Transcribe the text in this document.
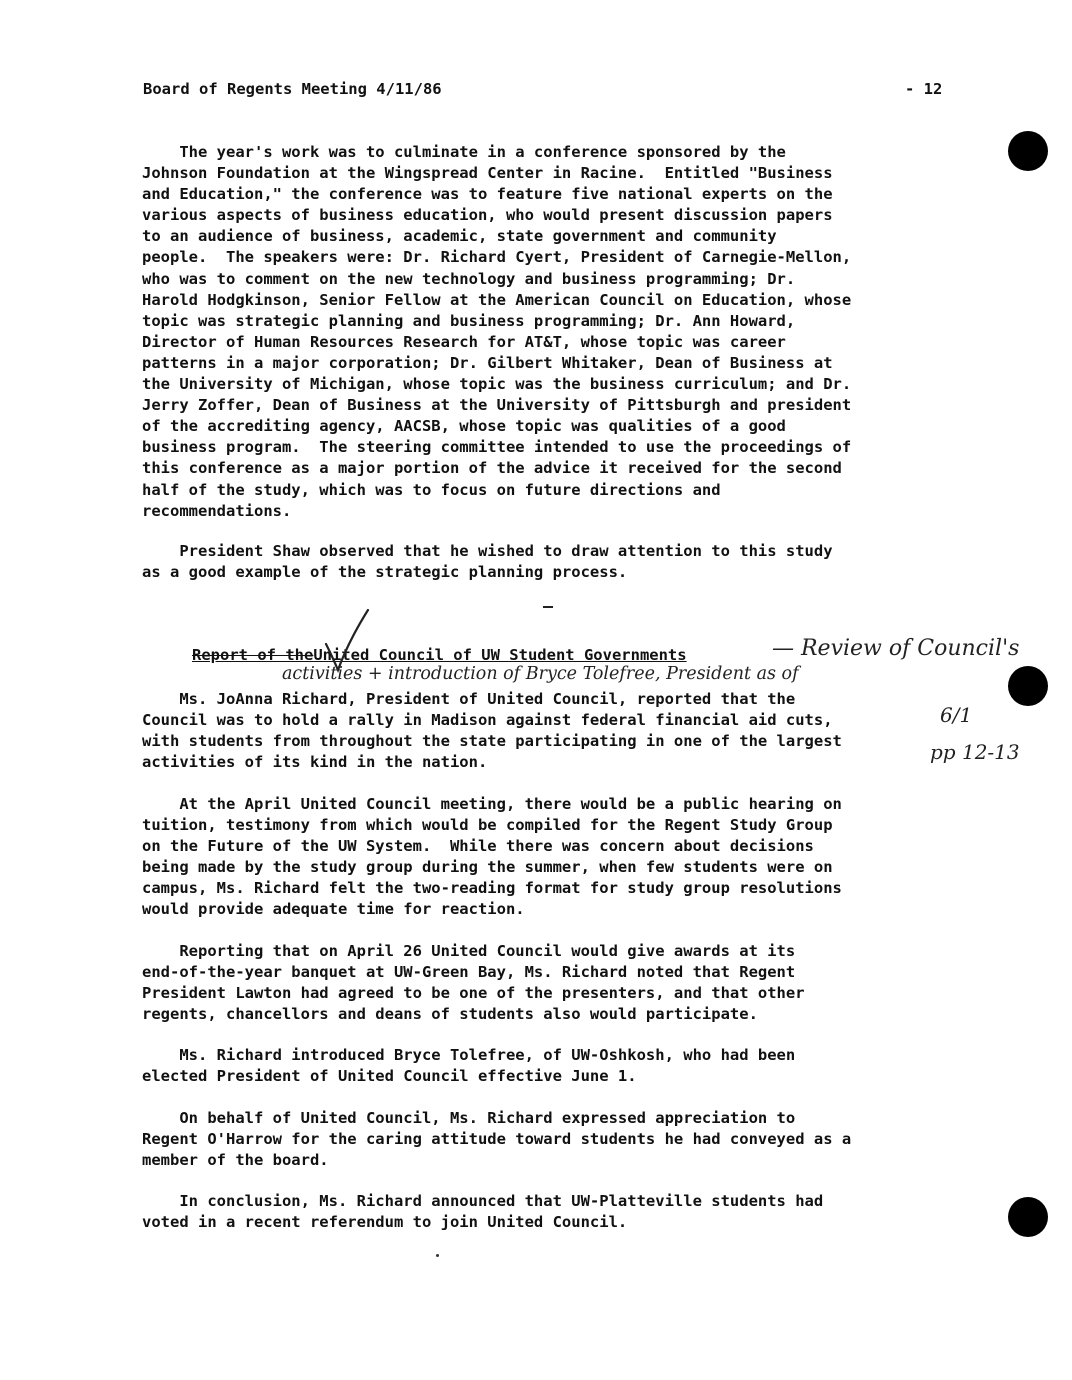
Board of Regents Meeting 4/11/86	- 12
The year's work was to culminate in a conference sponsored by the
Johnson Foundation at the Wingspread Center in Racine.  Entitled "Business
and Education," the conference was to feature five national experts on the
various aspects of business education, who would present discussion papers
to an audience of business, academic, state government and community
people.  The speakers were: Dr. Richard Cyert, President of Carnegie-Mellon,
who was to comment on the new technology and business programming; Dr.
Harold Hodgkinson, Senior Fellow at the American Council on Education, whose
topic was strategic planning and business programming; Dr. Ann Howard,
Director of Human Resources Research for AT&T, whose topic was career
patterns in a major corporation; Dr. Gilbert Whitaker, Dean of Business at
the University of Michigan, whose topic was the business curriculum; and Dr.
Jerry Zoffer, Dean of Business at the University of Pittsburgh and president
of the accrediting agency, AACSB, whose topic was qualities of a good
business program.  The steering committee intended to use the proceedings of
this conference as a major portion of the advice it received for the second
half of the study, which was to focus on future directions and
recommendations.
President Shaw observed that he wished to draw attention to this study
as a good example of the strategic planning process.
Report of theUnited Council of UW Student Governments	— Review of Council's
activities + introduction of Bryce Tolefree, President as of
6/1
pp 12-13
Ms. JoAnna Richard, President of United Council, reported that the
Council was to hold a rally in Madison against federal financial aid cuts,
with students from throughout the state participating in one of the largest
activities of its kind in the nation.
At the April United Council meeting, there would be a public hearing on
tuition, testimony from which would be compiled for the Regent Study Group
on the Future of the UW System.  While there was concern about decisions
being made by the study group during the summer, when few students were on
campus, Ms. Richard felt the two-reading format for study group resolutions
would provide adequate time for reaction.
Reporting that on April 26 United Council would give awards at its
end-of-the-year banquet at UW-Green Bay, Ms. Richard noted that Regent
President Lawton had agreed to be one of the presenters, and that other
regents, chancellors and deans of students also would participate.
Ms. Richard introduced Bryce Tolefree, of UW-Oshkosh, who had been
elected President of United Council effective June 1.
On behalf of United Council, Ms. Richard expressed appreciation to
Regent O'Harrow for the caring attitude toward students he had conveyed as a
member of the board.
In conclusion, Ms. Richard announced that UW-Platteville students had
voted in a recent referendum to join United Council.
